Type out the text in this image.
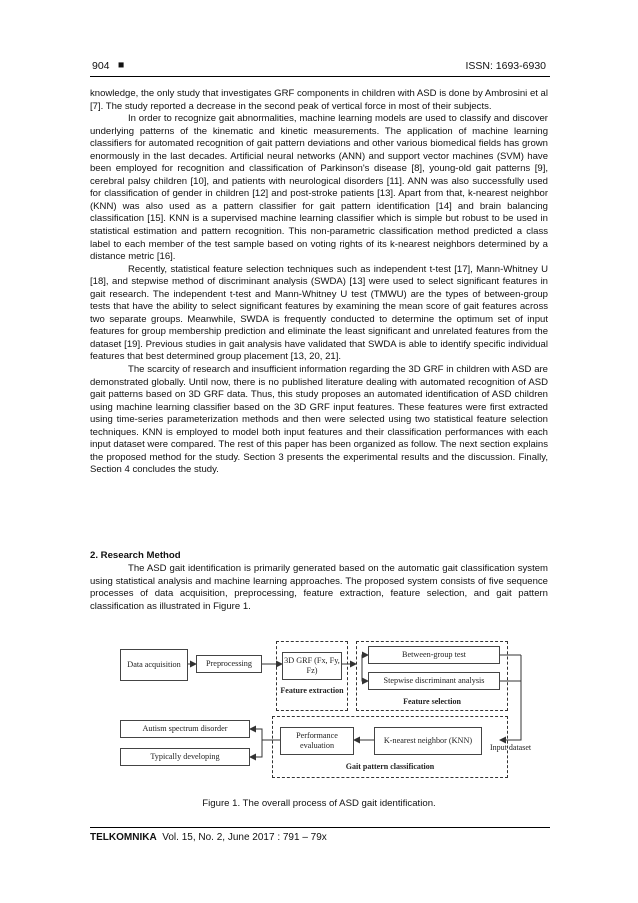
904 ■	ISSN: 1693-6930

knowledge, the only study that investigates GRF components in children with ASD is done by Ambrosini et al [7]. The study reported a decrease in the second peak of vertical force in most of their subjects.

In order to recognize gait abnormalities, machine learning models are used to classify and discover underlying patterns of the kinematic and kinetic measurements. The application of machine learning classifiers for automated recognition of gait pattern deviations and other various biomedical fields has grown enormously in the last decades. Artificial neural networks (ANN) and support vector machines (SVM) have been employed for recognition and classification of Parkinson's disease [8], young-old gait patterns [9], cerebral palsy children [10], and patients with neurological disorders [11]. ANN was also successfully used for classification of gender in children [12] and post-stroke patients [13]. Apart from that, k-nearest neighbor (KNN) was also used as a pattern classifier for gait pattern identification [14] and brain balancing classification [15]. KNN is a supervised machine learning classifier which is simple but robust to be used in statistical estimation and pattern recognition. This non-parametric classification method predicted a class label to each member of the test sample based on voting rights of its k-nearest neighbors determined by a distance metric [16].

Recently, statistical feature selection techniques such as independent t-test [17], Mann-Whitney U [18], and stepwise method of discriminant analysis (SWDA) [13] were used to select significant features in gait research. The independent t-test and Mann-Whitney U test (TMWU) are the types of between-group tests that have the ability to select significant features by examining the mean score of gait features across two separate groups. Meanwhile, SWDA is frequently conducted to determine the optimum set of input features for group membership prediction and eliminate the least significant and unrelated features from the dataset [19]. Previous studies in gait analysis have validated that SWDA is able to identify specific individual features that best determined group placement [13, 20, 21].

The scarcity of research and insufficient information regarding the 3D GRF in children with ASD are demonstrated globally. Until now, there is no published literature dealing with automated recognition of ASD gait patterns based on 3D GRF data. Thus, this study proposes an automated identification of ASD children using machine learning classifier based on the 3D GRF input features. These features were first extracted using time-series parameterization methods and then were selected using two statistical feature selection techniques. KNN is employed to model both input features and their classification performances with each input dataset were compared. The rest of this paper has been organized as follow. The next section explains the proposed method for the study. Section 3 presents the experimental results and the discussion. Finally, Section 4 concludes the study.

2. Research Method

The ASD gait identification is primarily generated based on the automatic gait classification system using statistical analysis and machine learning approaches. The proposed system consists of five sequence processes of data acquisition, preprocessing, feature extraction, feature selection, and gait pattern classification as illustrated in Figure 1.

Data acquisition	Preprocessing	3D GRF (Fx, Fy, Fz)
Feature extraction
Between-group test
Stepwise discriminant analysis
Feature selection
Autism spectrum disorder
Typically developing
Performance evaluation
K-nearest neighbor (KNN)
Gait pattern classification
Input dataset
Figure 1. The overall process of ASD gait identification.
TELKOMNIKA Vol. 15, No. 2, June 2017 : 791 – 79x
